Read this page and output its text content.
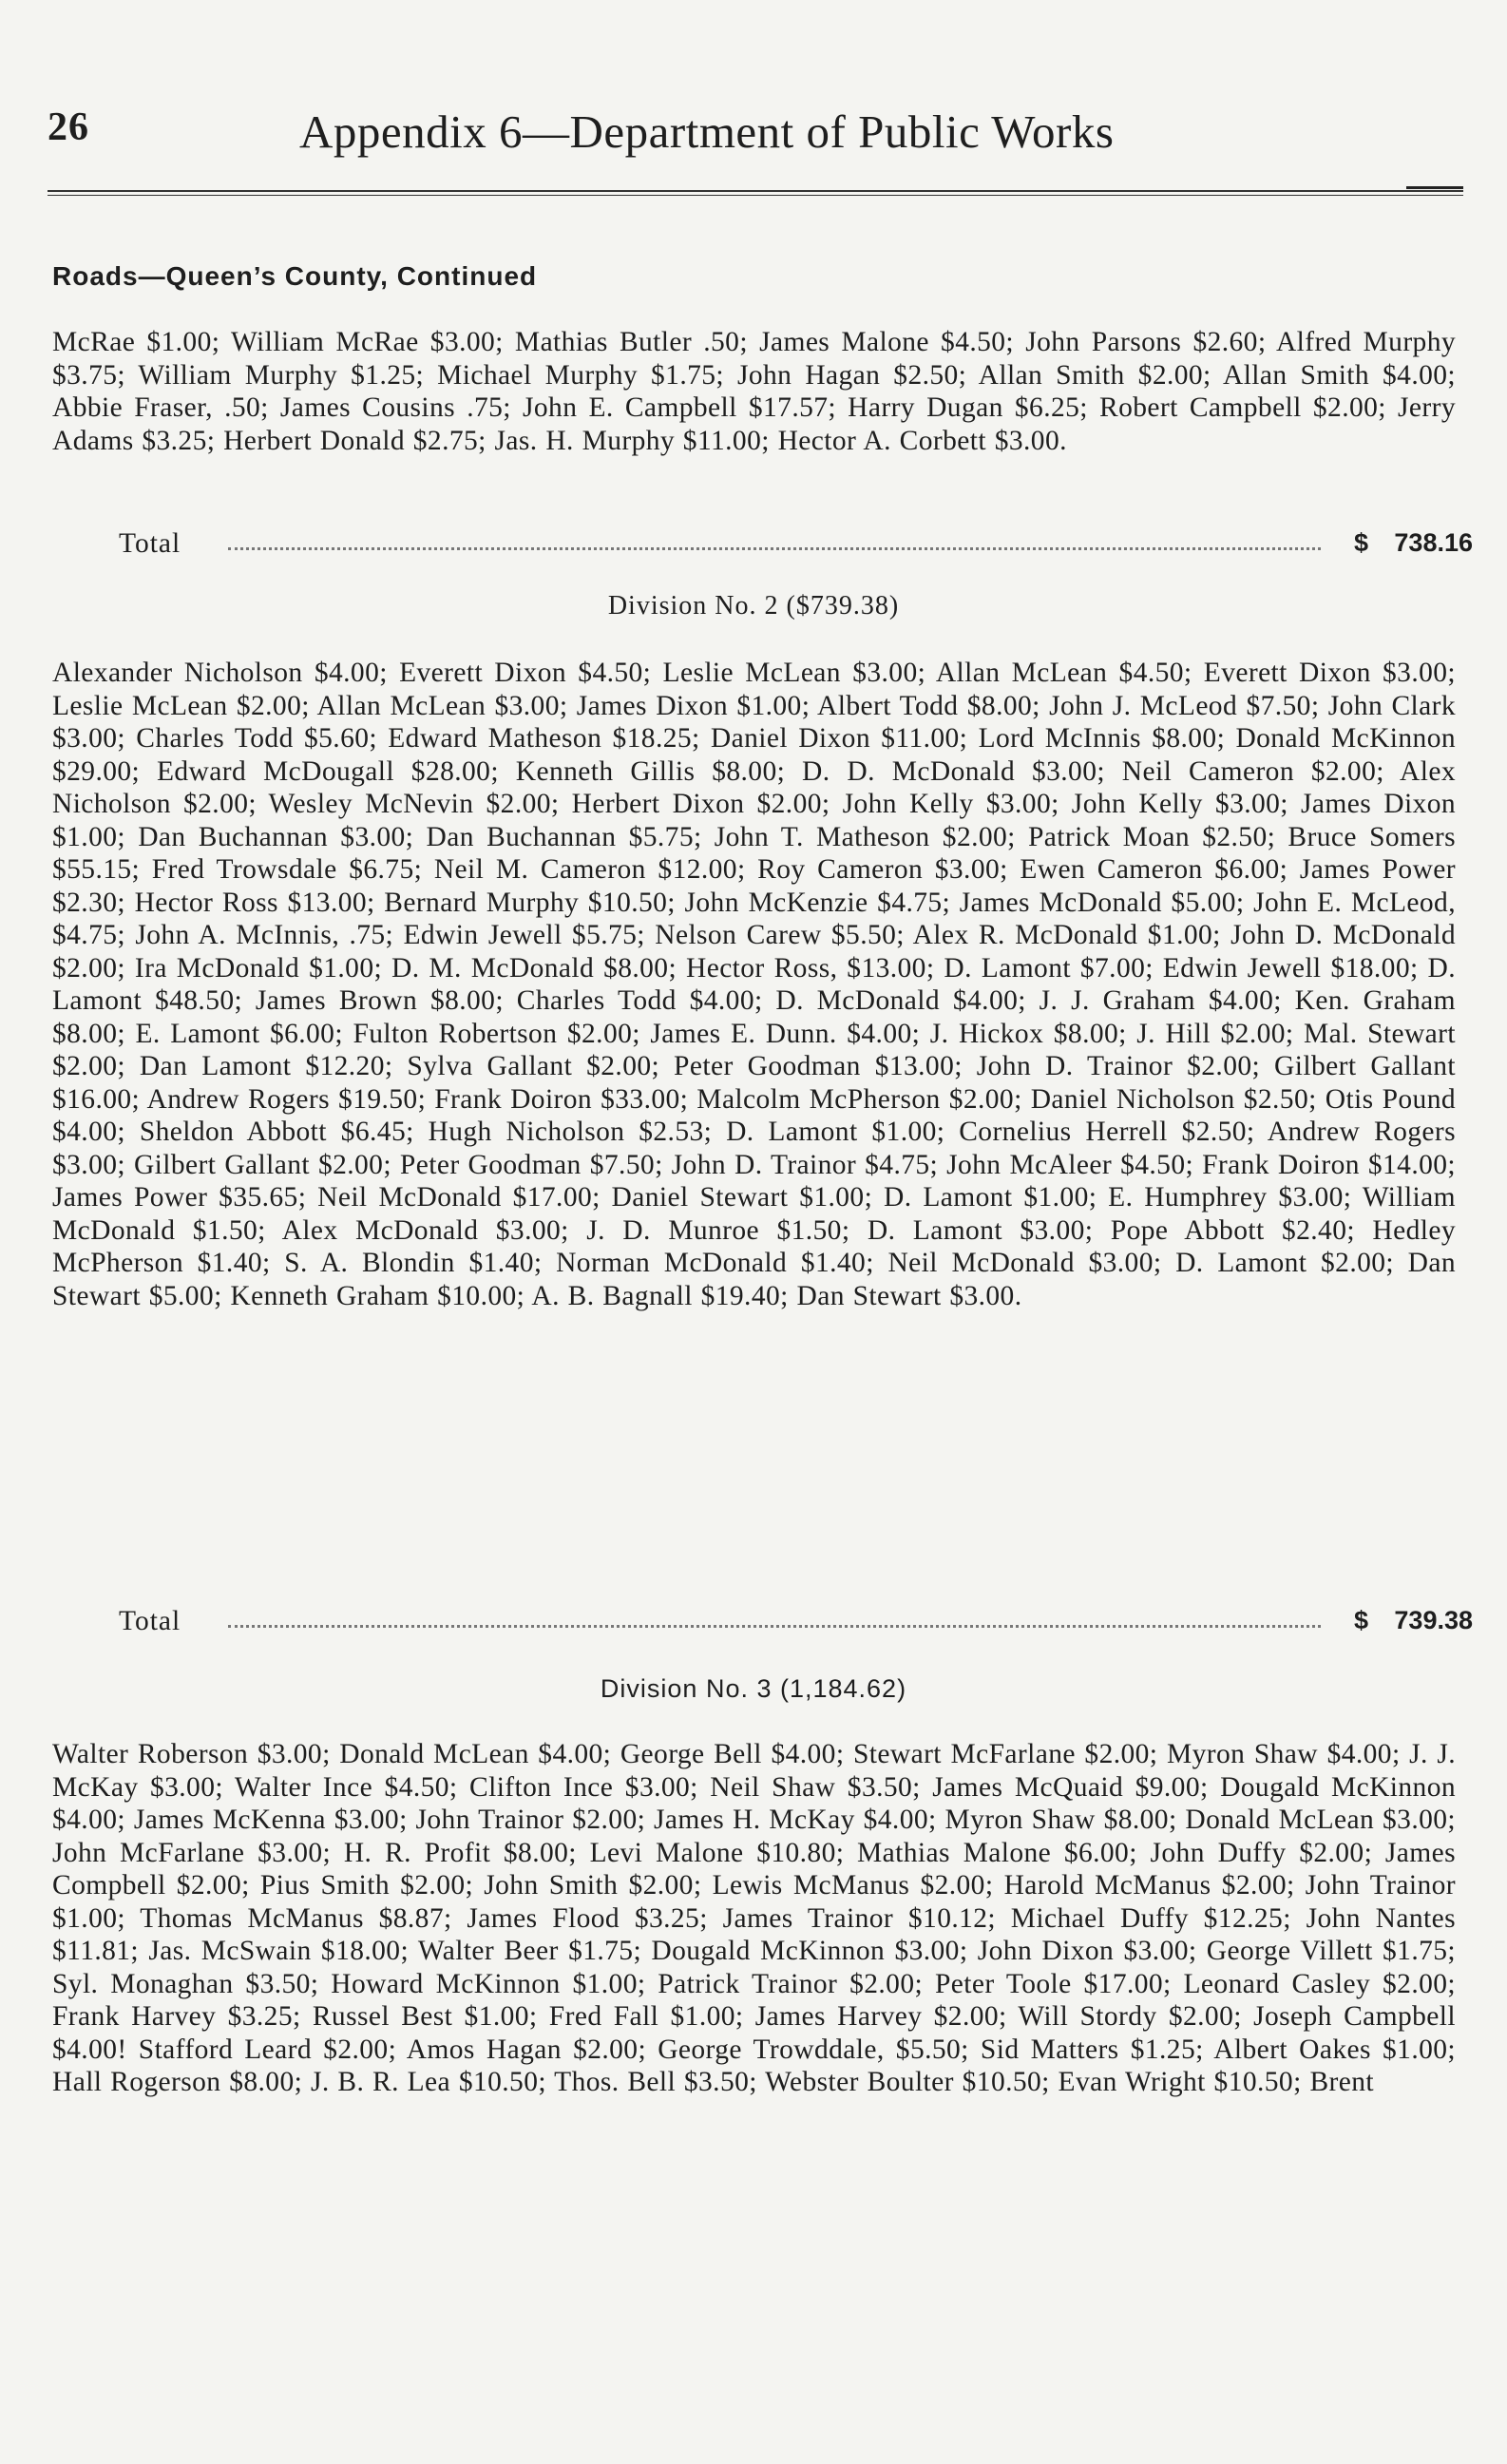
26	Appendix 6—Department of Public Works
Roads—Queen’s County, Continued
McRae $1.00; William McRae $3.00; Mathias Butler .50; James Malone $4.50; John Parsons $2.60; Alfred Murphy $3.75; William Murphy $1.25; Michael Murphy $1.75; John Hagan $2.50; Allan Smith $2.00; Allan Smith $4.00; Abbie Fraser, .50; James Cousins .75; John E. Campbell $17.57; Harry Dugan $6.25; Robert Campbell $2.00; Jerry Adams $3.25; Herbert Donald $2.75; Jas. H. Murphy $11.00; Hector A. Corbett $3.00.
Total	$ 738.16
Division No. 2 ($739.38)
Alexander Nicholson $4.00; Everett Dixon $4.50; Leslie McLean $3.00; Allan McLean $4.50; Everett Dixon $3.00; Leslie McLean $2.00; Allan McLean $3.00; James Dixon $1.00; Albert Todd $8.00; John J. McLeod $7.50; John Clark $3.00; Charles Todd $5.60; Edward Matheson $18.25; Daniel Dixon $11.00; Lord McInnis $8.00; Donald McKinnon $29.00; Edward McDougall $28.00; Kenneth Gillis $8.00; D. D. McDonald $3.00; Neil Cameron $2.00; Alex Nicholson $2.00; Wesley McNevin $2.00; Herbert Dixon $2.00; John Kelly $3.00; John Kelly $3.00; James Dixon $1.00; Dan Buchannan $3.00; Dan Buchannan $5.75; John T. Matheson $2.00; Patrick Moan $2.50; Bruce Somers $55.15; Fred Trowsdale $6.75; Neil M. Cameron $12.00; Roy Cameron $3.00; Ewen Cameron $6.00; James Power $2.30; Hector Ross $13.00; Bernard Murphy $10.50; John McKenzie $4.75; James McDonald $5.00; John E. McLeod, $4.75; John A. McInnis, .75; Edwin Jewell $5.75; Nelson Carew $5.50; Alex R. McDonald $1.00; John D. McDonald $2.00; Ira McDonald $1.00; D. M. McDonald $8.00; Hector Ross, $13.00; D. Lamont $7.00; Edwin Jewell $18.00; D. Lamont $48.50; James Brown $8.00; Charles Todd $4.00; D. McDonald $4.00; J. J. Graham $4.00; Ken. Graham $8.00; E. Lamont $6.00; Fulton Robertson $2.00; James E. Dunn. $4.00; J. Hickox $8.00; J. Hill $2.00; Mal. Stewart $2.00; Dan Lamont $12.20; Sylva Gallant $2.00; Peter Goodman $13.00; John D. Trainor $2.00; Gilbert Gallant $16.00; Andrew Rogers $19.50; Frank Doiron $33.00; Malcolm McPherson $2.00; Daniel Nicholson $2.50; Otis Pound $4.00; Sheldon Abbott $6.45; Hugh Nicholson $2.53; D. Lamont $1.00; Cornelius Herrell $2.50; Andrew Rogers $3.00; Gilbert Gallant $2.00; Peter Goodman $7.50; John D. Trainor $4.75; John McAleer $4.50; Frank Doiron $14.00; James Power $35.65; Neil McDonald $17.00; Daniel Stewart $1.00; D. Lamont $1.00; E. Humphrey $3.00; William McDonald $1.50; Alex McDonald $3.00; J. D. Munroe $1.50; D. Lamont $3.00; Pope Abbott $2.40; Hedley McPherson $1.40; S. A. Blondin $1.40; Norman McDonald $1.40; Neil McDonald $3.00; D. Lamont $2.00; Dan Stewart $5.00; Kenneth Graham $10.00; A. B. Bagnall $19.40; Dan Stewart $3.00.
Total	$ 739.38
Division No. 3 (1,184.62)
Walter Roberson $3.00; Donald McLean $4.00; George Bell $4.00; Stewart McFarlane $2.00; Myron Shaw $4.00; J. J. McKay $3.00; Walter Ince $4.50; Clifton Ince $3.00; Neil Shaw $3.50; James McQuaid $9.00; Dougald McKinnon $4.00; James McKenna $3.00; John Trainor $2.00; James H. McKay $4.00; Myron Shaw $8.00; Donald McLean $3.00; John McFarlane $3.00; H. R. Profit $8.00; Levi Malone $10.80; Mathias Malone $6.00; John Duffy $2.00; James Compbell $2.00; Pius Smith $2.00; John Smith $2.00; Lewis McManus $2.00; Harold McManus $2.00; John Trainor $1.00; Thomas McManus $8.87; James Flood $3.25; James Trainor $10.12; Michael Duffy $12.25; John Nantes $11.81; Jas. McSwain $18.00; Walter Beer $1.75; Dougald McKinnon $3.00; John Dixon $3.00; George Villett $1.75; Syl. Monaghan $3.50; Howard McKinnon $1.00; Patrick Trainor $2.00; Peter Toole $17.00; Leonard Casley $2.00; Frank Harvey $3.25; Russel Best $1.00; Fred Fall $1.00; James Harvey $2.00; Will Stordy $2.00; Joseph Campbell $4.00! Stafford Leard $2.00; Amos Hagan $2.00; George Trowddale, $5.50; Sid Matters $1.25; Albert Oakes $1.00; Hall Rogerson $8.00; J. B. R. Lea $10.50; Thos. Bell $3.50; Webster Boulter $10.50; Evan Wright $10.50; Brent
